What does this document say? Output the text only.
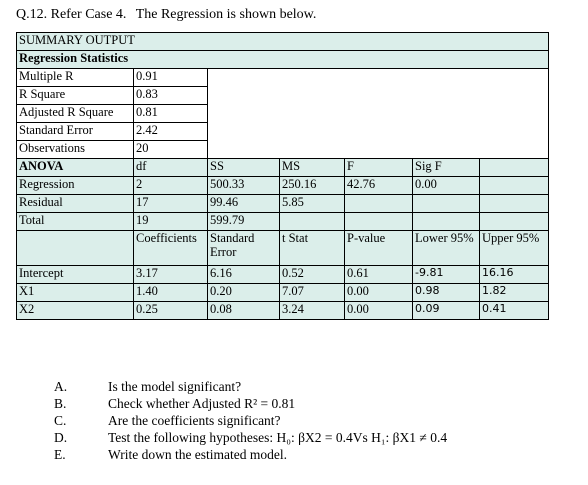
Q.12. Refer Case 4. The Regression is shown below.
SUMMARY OUTPUT						
Regression Statistics						
Multiple R	0.91					
R Square	0.83					
Adjusted R Square	0.81					
Standard Error	2.42					
Observations	20					
ANOVA	df	SS	MS	F	Sig F	
Regression	2	500.33	250.16	42.76	0.00	
Residual	17	99.46	5.85			
Total	19	599.79				
	Coefficients	Standard Error	t Stat	P-value	Lower 95%	Upper 95%
Intercept	3.17	6.16	0.52	0.61	-9.81	16.16
X1	1.40	0.20	7.07	0.00	0.98	1.82
X2	0.25	0.08	3.24	0.00	0.09	0.41
A.	Is the model significant?
B.	Check whether Adjusted R² = 0.81
C.	Are the coefficients significant?
D.	Test the following hypotheses: H₀: βX2 = 0.4Vs H₁: βX1 ≠ 0.4
E.	Write down the estimated model.
